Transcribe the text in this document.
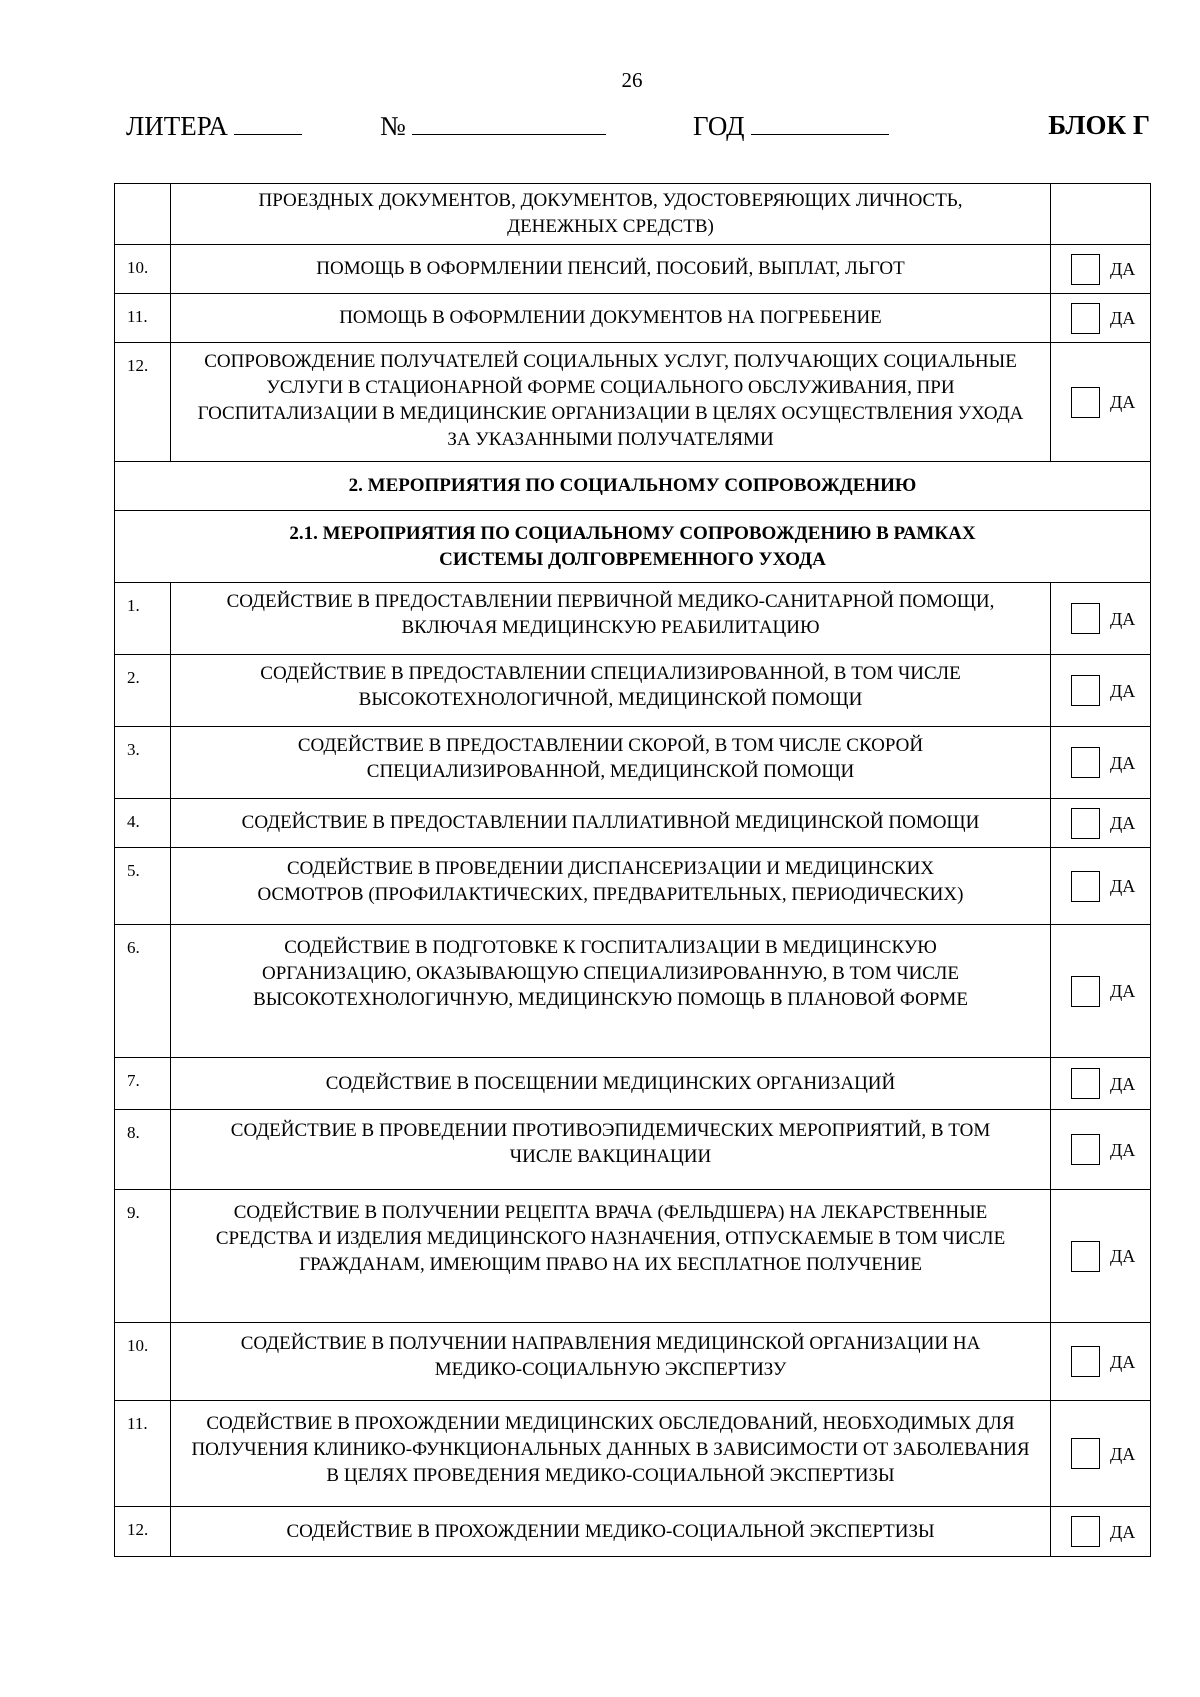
26
ЛИТЕРА	№	ГОД	БЛОК Г
	ПРОЕЗДНЫХ ДОКУМЕНТОВ, ДОКУМЕНТОВ, УДОСТОВЕРЯЮЩИХ ЛИЧНОСТЬ, ДЕНЕЖНЫХ СРЕДСТВ)	
10.	ПОМОЩЬ В ОФОРМЛЕНИИ ПЕНСИЙ, ПОСОБИЙ, ВЫПЛАТ, ЛЬГОТ	ДА

11.	ПОМОЩЬ В ОФОРМЛЕНИИ ДОКУМЕНТОВ НА ПОГРЕБЕНИЕ	ДА

12.	СОПРОВОЖДЕНИЕ ПОЛУЧАТЕЛЕЙ СОЦИАЛЬНЫХ УСЛУГ, ПОЛУЧАЮЩИХ СОЦИАЛЬНЫЕ УСЛУГИ В СТАЦИОНАРНОЙ ФОРМЕ СОЦИАЛЬНОГО ОБСЛУЖИВАНИЯ, ПРИ ГОСПИТАЛИЗАЦИИ В МЕДИЦИНСКИЕ ОРГАНИЗАЦИИ В ЦЕЛЯХ ОСУЩЕСТВЛЕНИЯ УХОДА ЗА УКАЗАННЫМИ ПОЛУЧАТЕЛЯМИ	ДА

2. МЕРОПРИЯТИЯ ПО СОЦИАЛЬНОМУ СОПРОВОЖДЕНИЮ		
2.1. МЕРОПРИЯТИЯ ПО СОЦИАЛЬНОМУ СОПРОВОЖДЕНИЮ В РАМКАХ СИСТЕМЫ ДОЛГОВРЕМЕННОГО УХОДА		
1.	СОДЕЙСТВИЕ В ПРЕДОСТАВЛЕНИИ ПЕРВИЧНОЙ МЕДИКО-САНИТАРНОЙ ПОМОЩИ, ВКЛЮЧАЯ МЕДИЦИНСКУЮ РЕАБИЛИТАЦИЮ	ДА

2.	СОДЕЙСТВИЕ В ПРЕДОСТАВЛЕНИИ СПЕЦИАЛИЗИРОВАННОЙ, В ТОМ ЧИСЛЕ ВЫСОКОТЕХНОЛОГИЧНОЙ, МЕДИЦИНСКОЙ ПОМОЩИ	ДА

3.	СОДЕЙСТВИЕ В ПРЕДОСТАВЛЕНИИ СКОРОЙ, В ТОМ ЧИСЛЕ СКОРОЙ СПЕЦИАЛИЗИРОВАННОЙ, МЕДИЦИНСКОЙ ПОМОЩИ	ДА

4.	СОДЕЙСТВИЕ В ПРЕДОСТАВЛЕНИИ ПАЛЛИАТИВНОЙ МЕДИЦИНСКОЙ ПОМОЩИ	ДА

5.	СОДЕЙСТВИЕ В ПРОВЕДЕНИИ ДИСПАНСЕРИЗАЦИИ И МЕДИЦИНСКИХ ОСМОТРОВ (ПРОФИЛАКТИЧЕСКИХ, ПРЕДВАРИТЕЛЬНЫХ, ПЕРИОДИЧЕСКИХ)	ДА

6.	СОДЕЙСТВИЕ В ПОДГОТОВКЕ К ГОСПИТАЛИЗАЦИИ В МЕДИЦИНСКУЮ ОРГАНИЗАЦИЮ, ОКАЗЫВАЮЩУЮ СПЕЦИАЛИЗИРОВАННУЮ, В ТОМ ЧИСЛЕ ВЫСОКОТЕХНОЛОГИЧНУЮ, МЕДИЦИНСКУЮ ПОМОЩЬ В ПЛАНОВОЙ ФОРМЕ	ДА

7.	СОДЕЙСТВИЕ В ПОСЕЩЕНИИ МЕДИЦИНСКИХ ОРГАНИЗАЦИЙ	ДА

8.	СОДЕЙСТВИЕ В ПРОВЕДЕНИИ ПРОТИВОЭПИДЕМИЧЕСКИХ МЕРОПРИЯТИЙ, В ТОМ ЧИСЛЕ ВАКЦИНАЦИИ	ДА

9.	СОДЕЙСТВИЕ В ПОЛУЧЕНИИ РЕЦЕПТА ВРАЧА (ФЕЛЬДШЕРА) НА ЛЕКАРСТВЕННЫЕ СРЕДСТВА И ИЗДЕЛИЯ МЕДИЦИНСКОГО НАЗНАЧЕНИЯ, ОТПУСКАЕМЫЕ В ТОМ ЧИСЛЕ ГРАЖДАНАМ, ИМЕЮЩИМ ПРАВО НА ИХ БЕСПЛАТНОЕ ПОЛУЧЕНИЕ	ДА

10.	СОДЕЙСТВИЕ В ПОЛУЧЕНИИ НАПРАВЛЕНИЯ МЕДИЦИНСКОЙ ОРГАНИЗАЦИИ НА МЕДИКО-СОЦИАЛЬНУЮ ЭКСПЕРТИЗУ	ДА

11.	СОДЕЙСТВИЕ В ПРОХОЖДЕНИИ МЕДИЦИНСКИХ ОБСЛЕДОВАНИЙ, НЕОБХОДИМЫХ ДЛЯ ПОЛУЧЕНИЯ КЛИНИКО-ФУНКЦИОНАЛЬНЫХ ДАННЫХ В ЗАВИСИМОСТИ ОТ ЗАБОЛЕВАНИЯ В ЦЕЛЯХ ПРОВЕДЕНИЯ МЕДИКО-СОЦИАЛЬНОЙ ЭКСПЕРТИЗЫ	ДА

12.	СОДЕЙСТВИЕ В ПРОХОЖДЕНИИ МЕДИКО-СОЦИАЛЬНОЙ ЭКСПЕРТИЗЫ	ДА
